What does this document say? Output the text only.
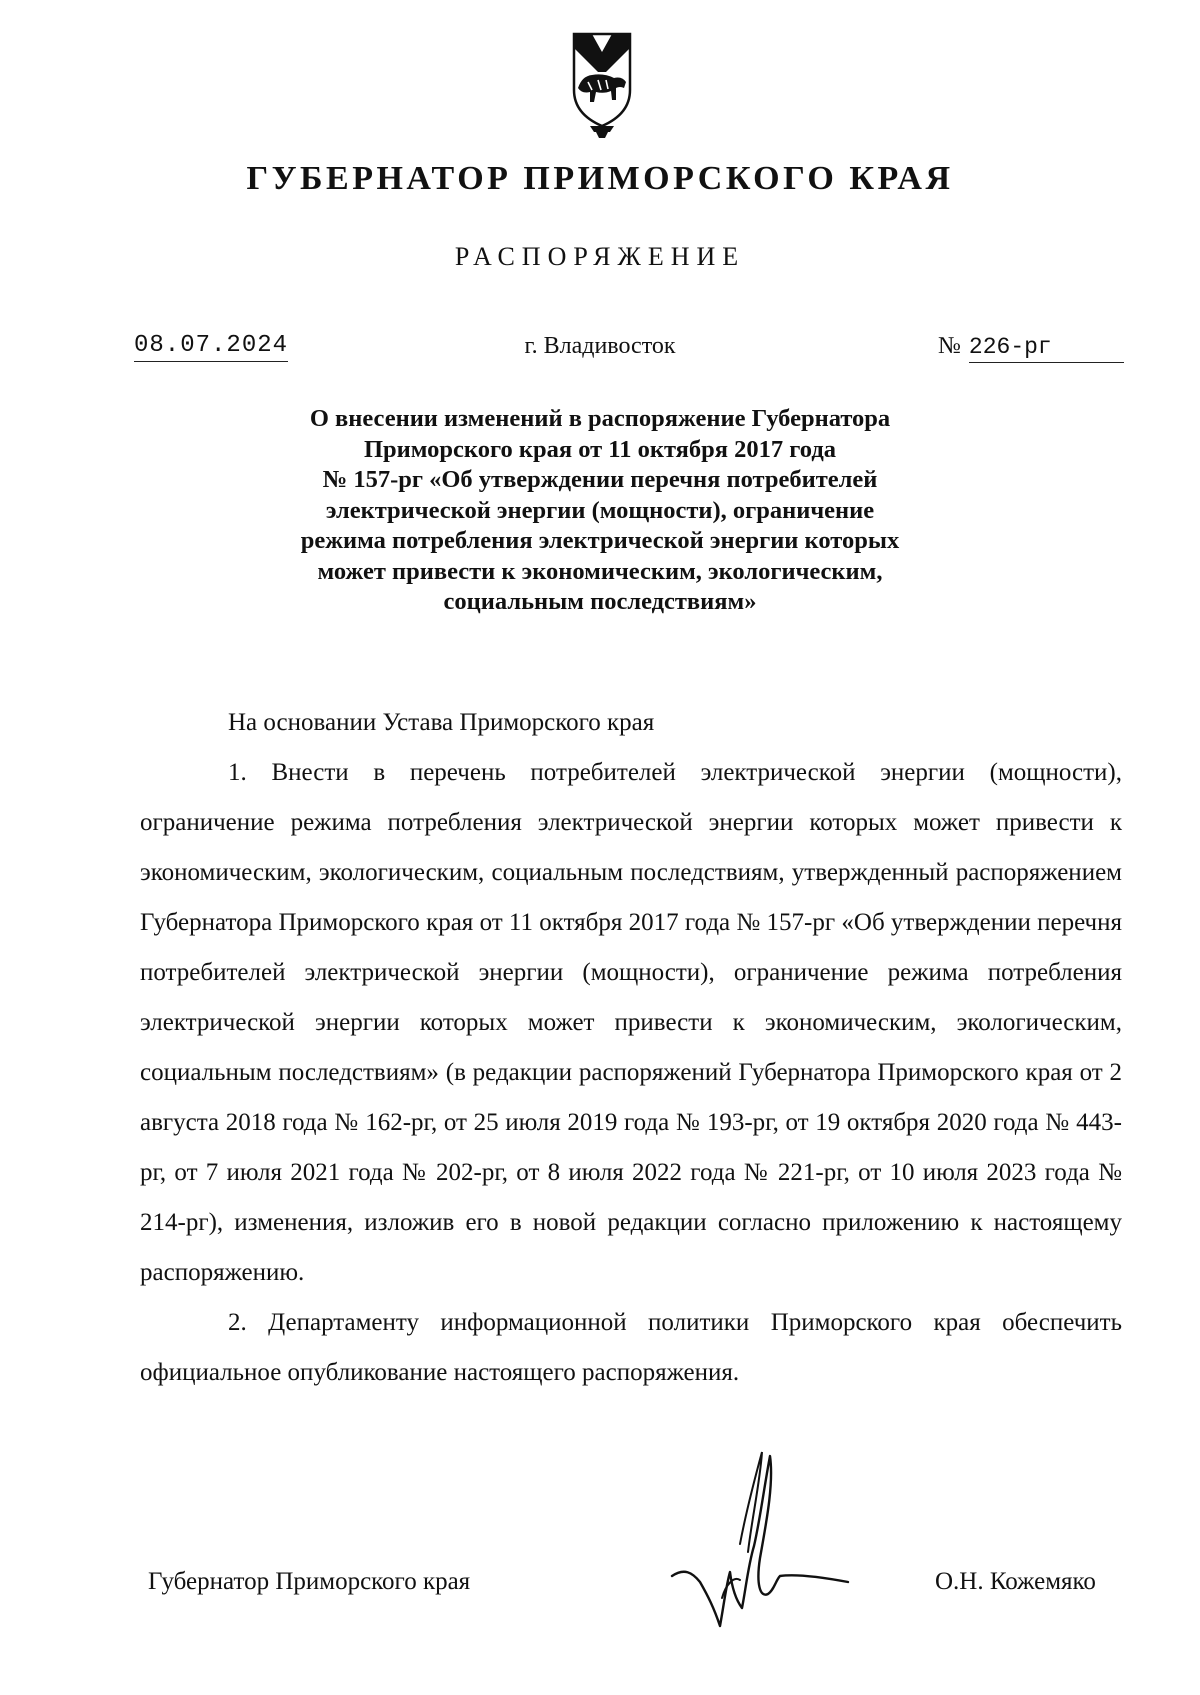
ГУБЕРНАТОР ПРИМОРСКОГО КРАЯ
РАСПОРЯЖЕНИЕ
08.07.2024	г. Владивосток	№ 226-рг
О внесении изменений в распоряжение Губернатора
Приморского края от 11 октября 2017 года
№ 157-рг «Об утверждении перечня потребителей
электрической энергии (мощности), ограничение
режима потребления электрической энергии которых
может привести к экономическим, экологическим,
социальным последствиям»

На основании Устава Приморского края

1. Внести в перечень потребителей электрической энергии (мощности), ограничение режима потребления электрической энергии которых может привести к экономическим, экологическим, социальным последствиям, утвержденный распоряжением Губернатора Приморского края от 11 октября 2017 года № 157-рг «Об утверждении перечня потребителей электрической энергии (мощности), ограничение режима потребления электрической энергии которых может привести к экономическим, экологическим, социальным последствиям» (в редакции распоряжений Губернатора Приморского края от 2 августа 2018 года № 162-рг, от 25 июля 2019 года № 193-рг, от 19 октября 2020 года № 443-рг, от 7 июля 2021 года № 202-рг, от 8 июля 2022 года № 221-рг, от 10 июля 2023 года № 214-рг), изменения, изложив его в новой редакции согласно приложению к настоящему распоряжению.

2. Департаменту информационной политики Приморского края обеспечить официальное опубликование настоящего распоряжения.

Губернатор Приморского края	О.Н. Кожемяко
